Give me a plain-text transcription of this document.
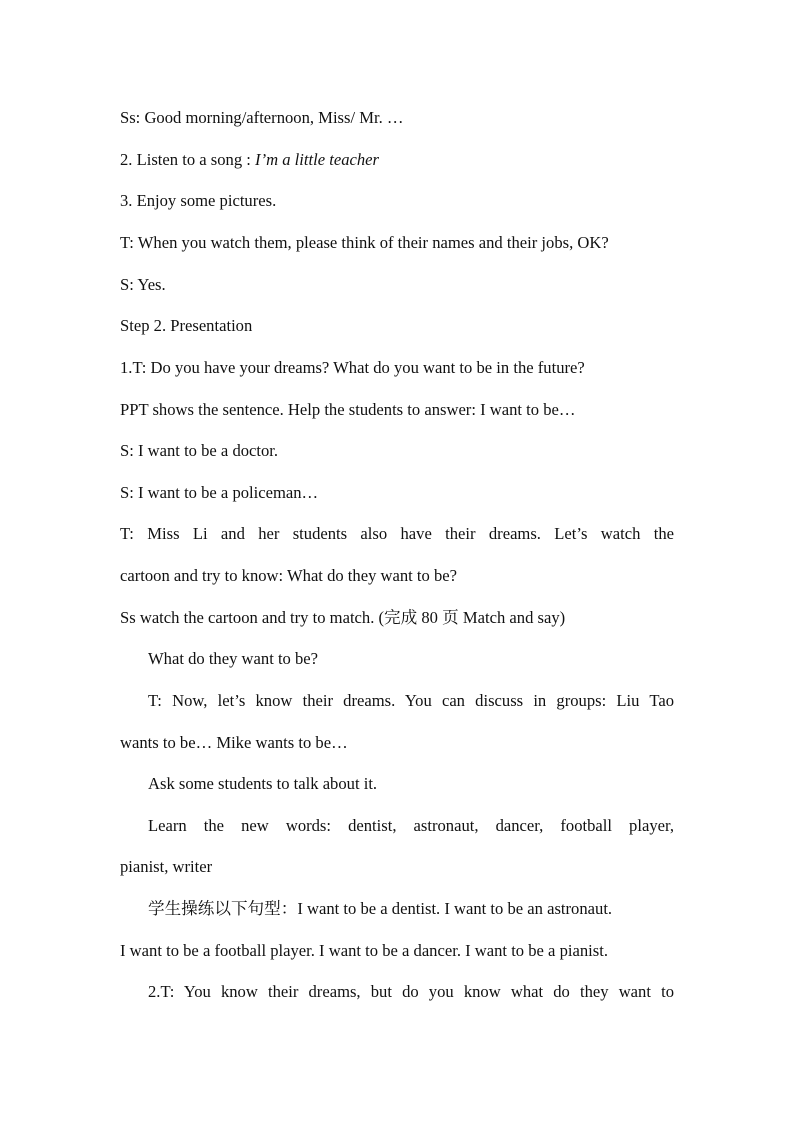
Ss: Good morning/afternoon, Miss/ Mr. …
2. Listen to a song : I’m a little teacher
3. Enjoy some pictures.
T: When you watch them, please think of their names and their jobs, OK?
S: Yes.
Step 2. Presentation
1.T: Do you have your dreams? What do you want to be in the future?
PPT shows the sentence. Help the students to answer: I want to be…
S: I want to be a doctor.
S: I want to be a policeman…
T: Miss Li and her students also have their dreams. Let’s watch the
cartoon and try to know: What do they want to be?
Ss watch the cartoon and try to match. (完成 80 页 Match and say)
What do they want to be?
T: Now, let’s know their dreams. You can discuss in groups: Liu Tao
wants to be… Mike wants to be…
Ask some students to talk about it.
Learn the new words: dentist, astronaut, dancer, football player,
pianist, writer
学生操练以下句型：I want to be a dentist. I want to be an astronaut.
I want to be a football player. I want to be a dancer. I want to be a pianist.
2.T: You know their dreams, but do you know what do they want to
